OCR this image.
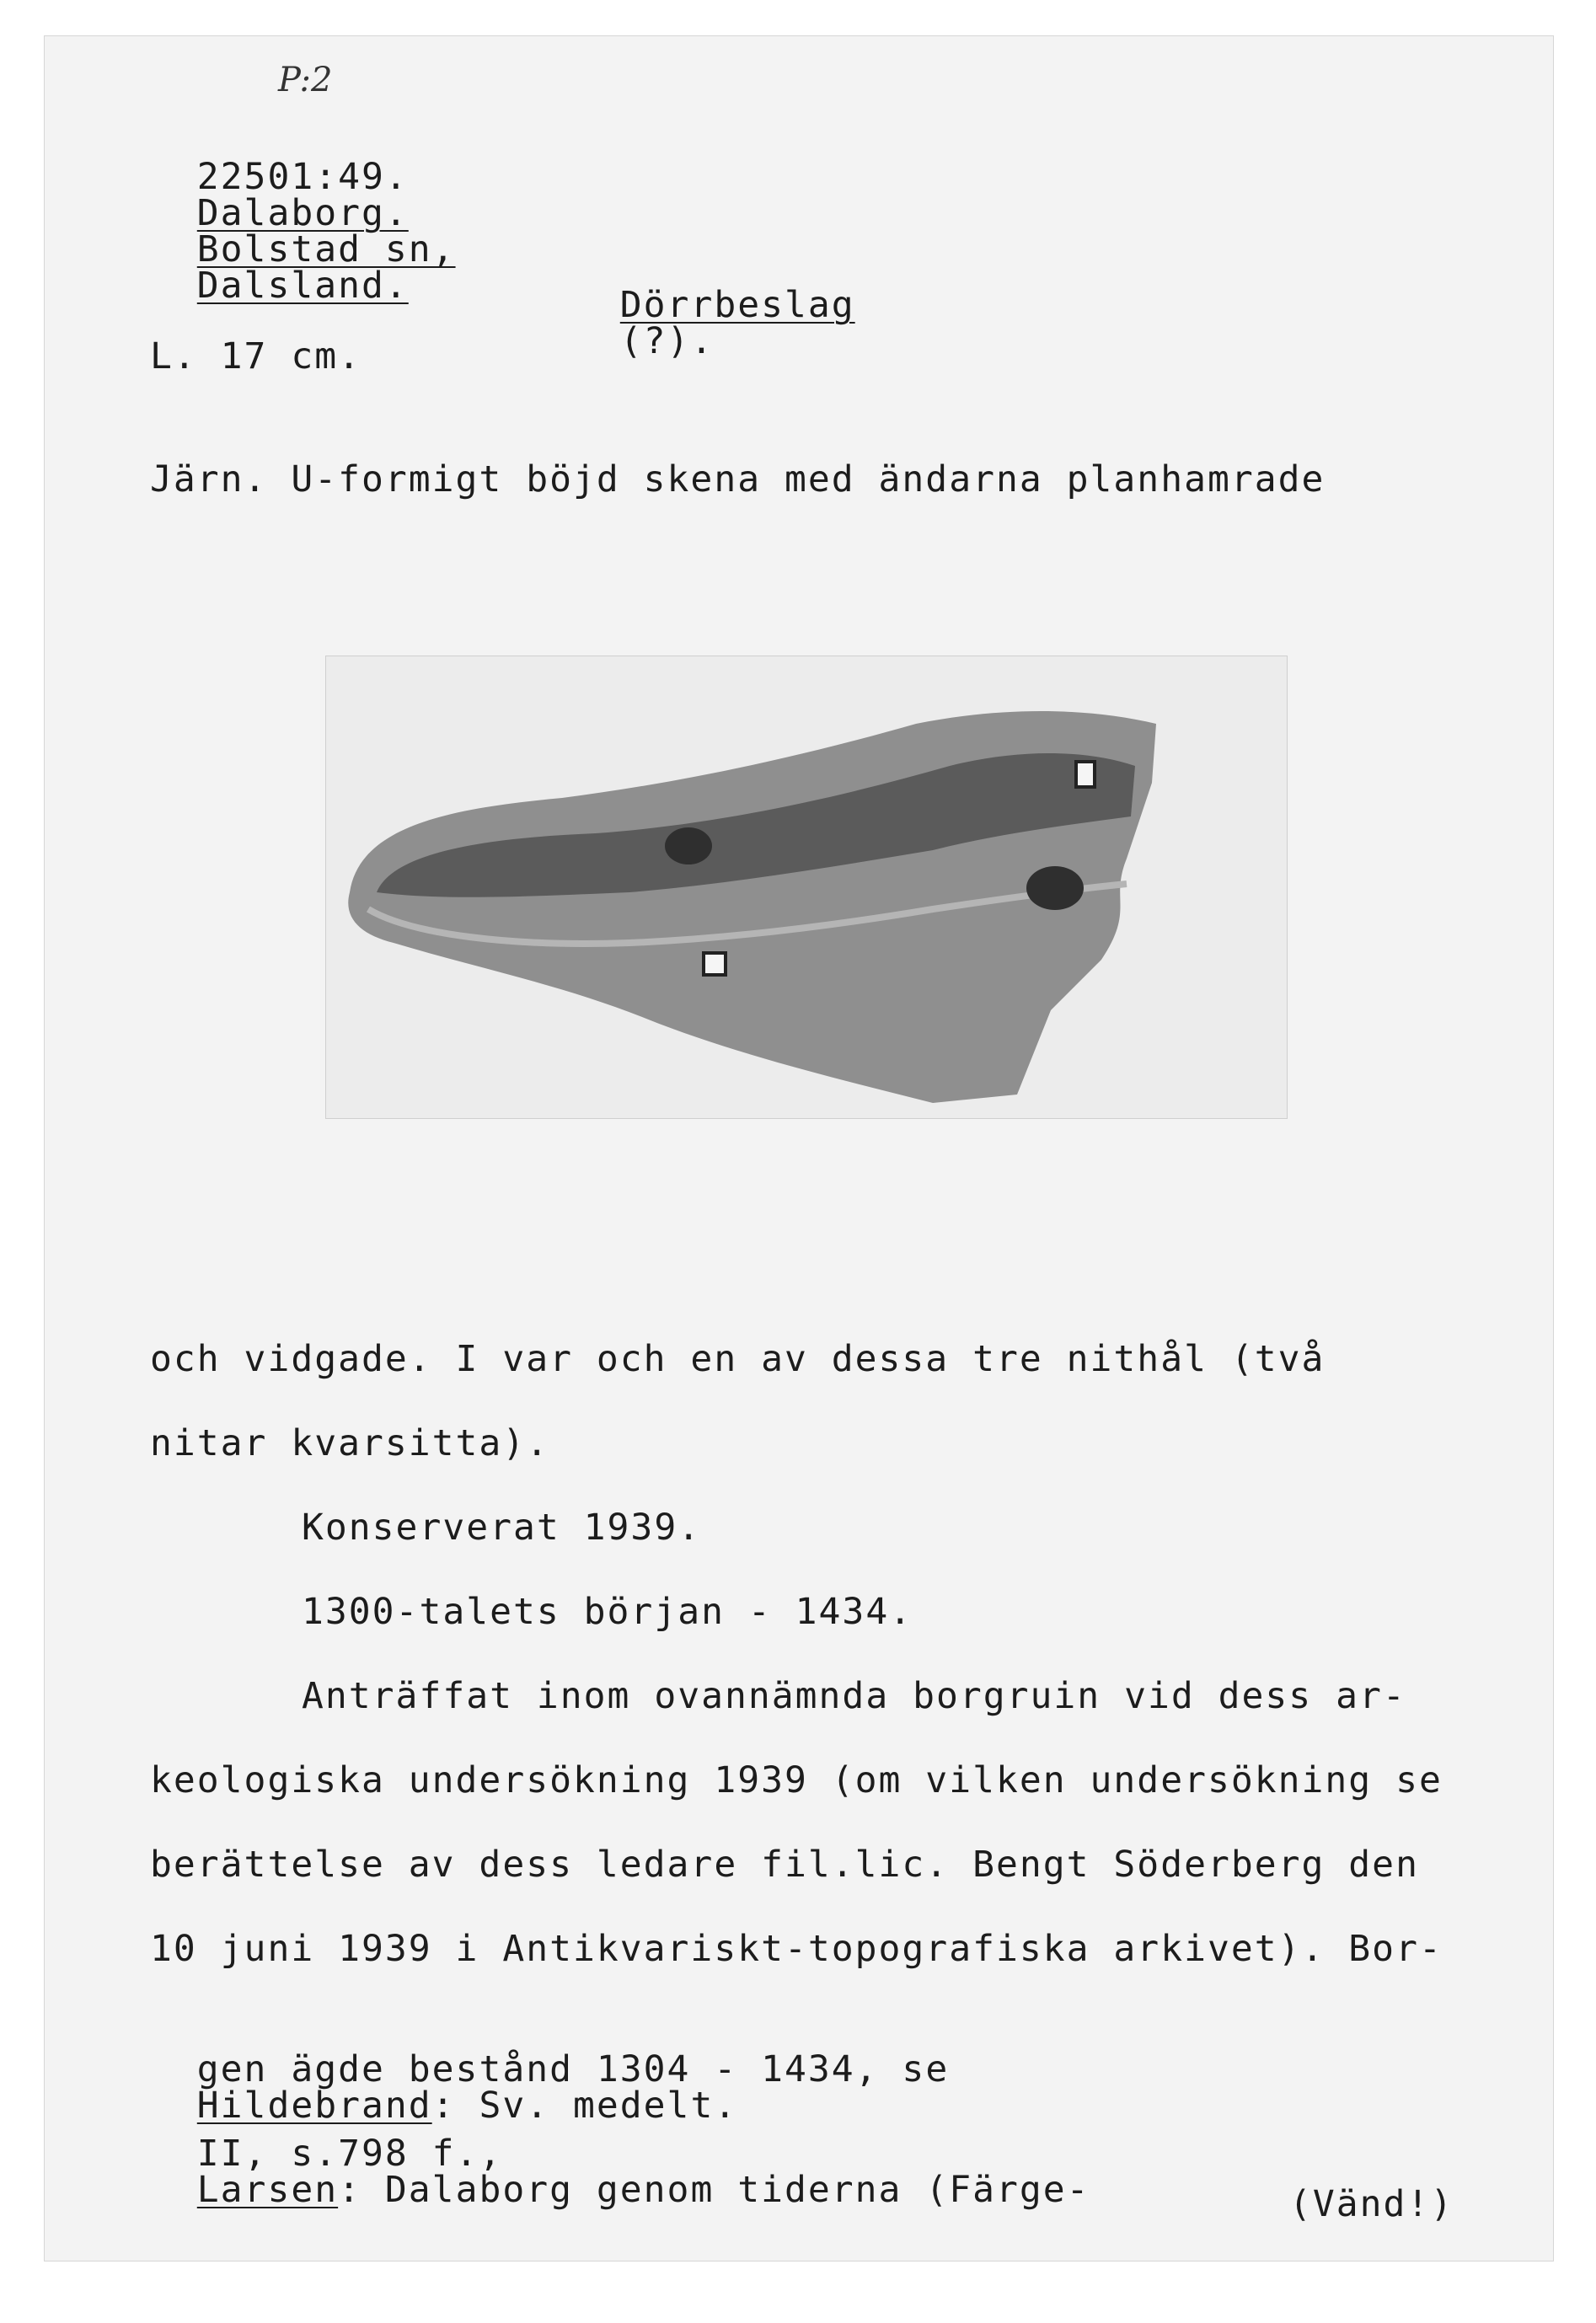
P:2

22501:49.
Dalaborg.
Bolstad sn,
Dalsland.	Dörrbeslag
(?).

L. 17 cm.
Järn. U-formigt böjd skena med ändarna planhamrade
och vidgade. I var och en av dessa tre nithål (två
nitar kvarsitta).
Konserverat 1939.
1300-talets början - 1434.
Anträffat inom ovannämnda borgruin vid dess ar-
keologiska undersökning 1939 (om vilken undersökning se
berättelse av dess ledare fil.lic. Bengt Söderberg den
10 juni 1939 i Antikvariskt-topografiska arkivet). Bor-

gen ägde bestånd 1304 - 1434, se
Hildebrand: Sv. medelt.

II, s.798 f.,
Larsen: Dalaborg genom tiderna (Färge-	(Vänd!)
